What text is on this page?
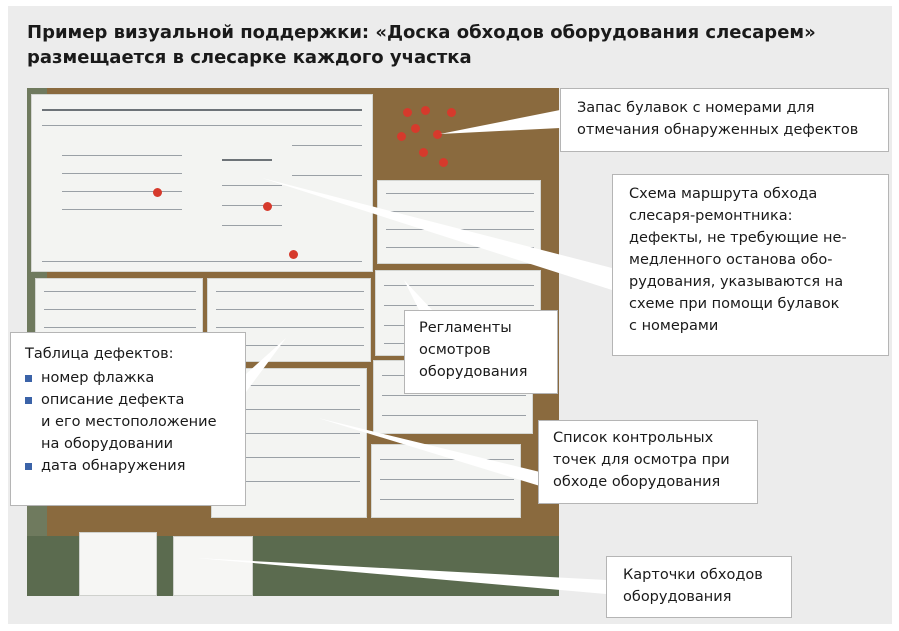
Пример визуальной поддержки: «Доска обходов оборудования слесарем»
размещается в слесарке каждого участка
Запас булавок с номерами для отмечания обнаруженных дефектов
Схема маршрута обхода
слесаря-ремонтника:
дефекты, не требующие не-
медленного останова обо-
рудования, указываются на
схеме при помощи булавок
с номерами
Регламенты
осмотров
оборудования
Таблица дефектов:
номер флажка
описание дефекта
и его местоположение
на оборудовании
дата обнаружения
Список контрольных
точек для осмотра при
обходе оборудования
Карточки обходов
оборудования
